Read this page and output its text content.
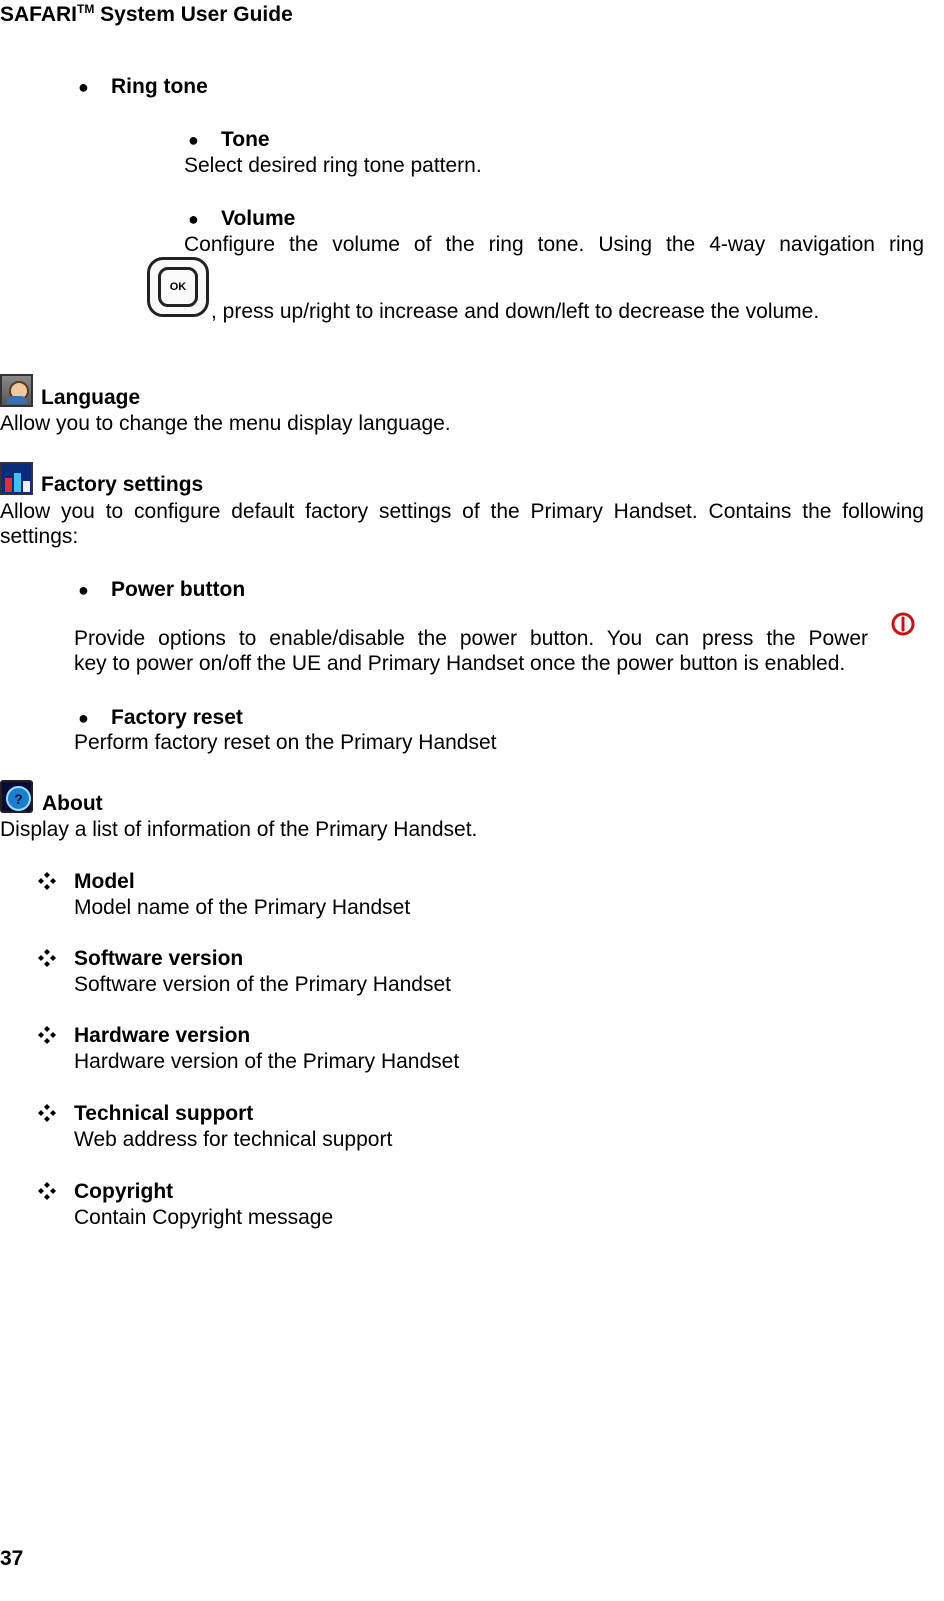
SAFARI™ System User Guide
● Ring tone
● Tone
Select desired ring tone pattern.
● Volume
Configure the volume of the ring tone. Using the 4-way navigation ring
OK
, press up/right to increase and down/left to decrease the volume.
Language
Allow you to change the menu display language.
Factory settings
Allow you to configure default factory settings of the Primary Handset. Contains the following
settings:
● Power button
Provide options to enable/disable the power button. You can press the Power
key to power on/off the UE and Primary Handset once the power button is enabled.
● Factory reset
Perform factory reset on the Primary Handset
? About
Display a list of information of the Primary Handset.
Model
Model name of the Primary Handset
Software version
Software version of the Primary Handset
Hardware version
Hardware version of the Primary Handset
Technical support
Web address for technical support
Copyright
Contain Copyright message
37
